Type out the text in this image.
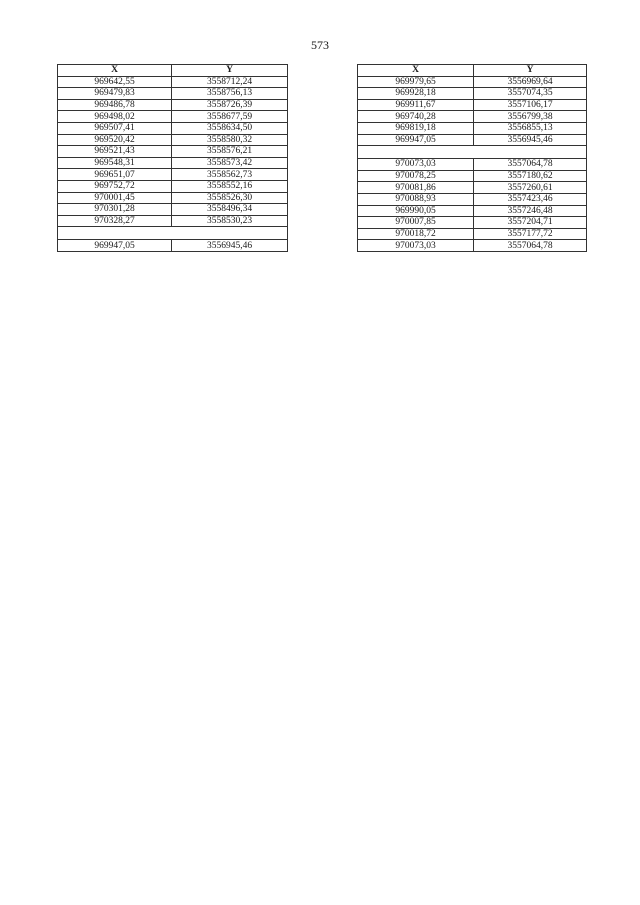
573
X	Y
969642,55	3558712,24
969479,83	3558756,13
969486,78	3558726,39
969498,02	3558677,59
969507,41	3558634,50
969520,42	3558580,32
969521,43	3558576,21
969548,31	3558573,42
969651,07	3558562,73
969752,72	3558552,16
970001,45	3558526,30
970301,28	3558496,34
970328,27	3558530,23

969947,05	3556945,46
X	Y
969979,65	3556969,64
969928,18	3557074,35
969911,67	3557106,17
969740,28	3556799,38
969819,18	3556855,13
969947,05	3556945,46

970073,03	3557064,78
970078,25	3557180,62
970081,86	3557260,61
970088,93	3557423,46
969990,05	3557246,48
970007,85	3557204,71
970018,72	3557177,72
970073,03	3557064,78
